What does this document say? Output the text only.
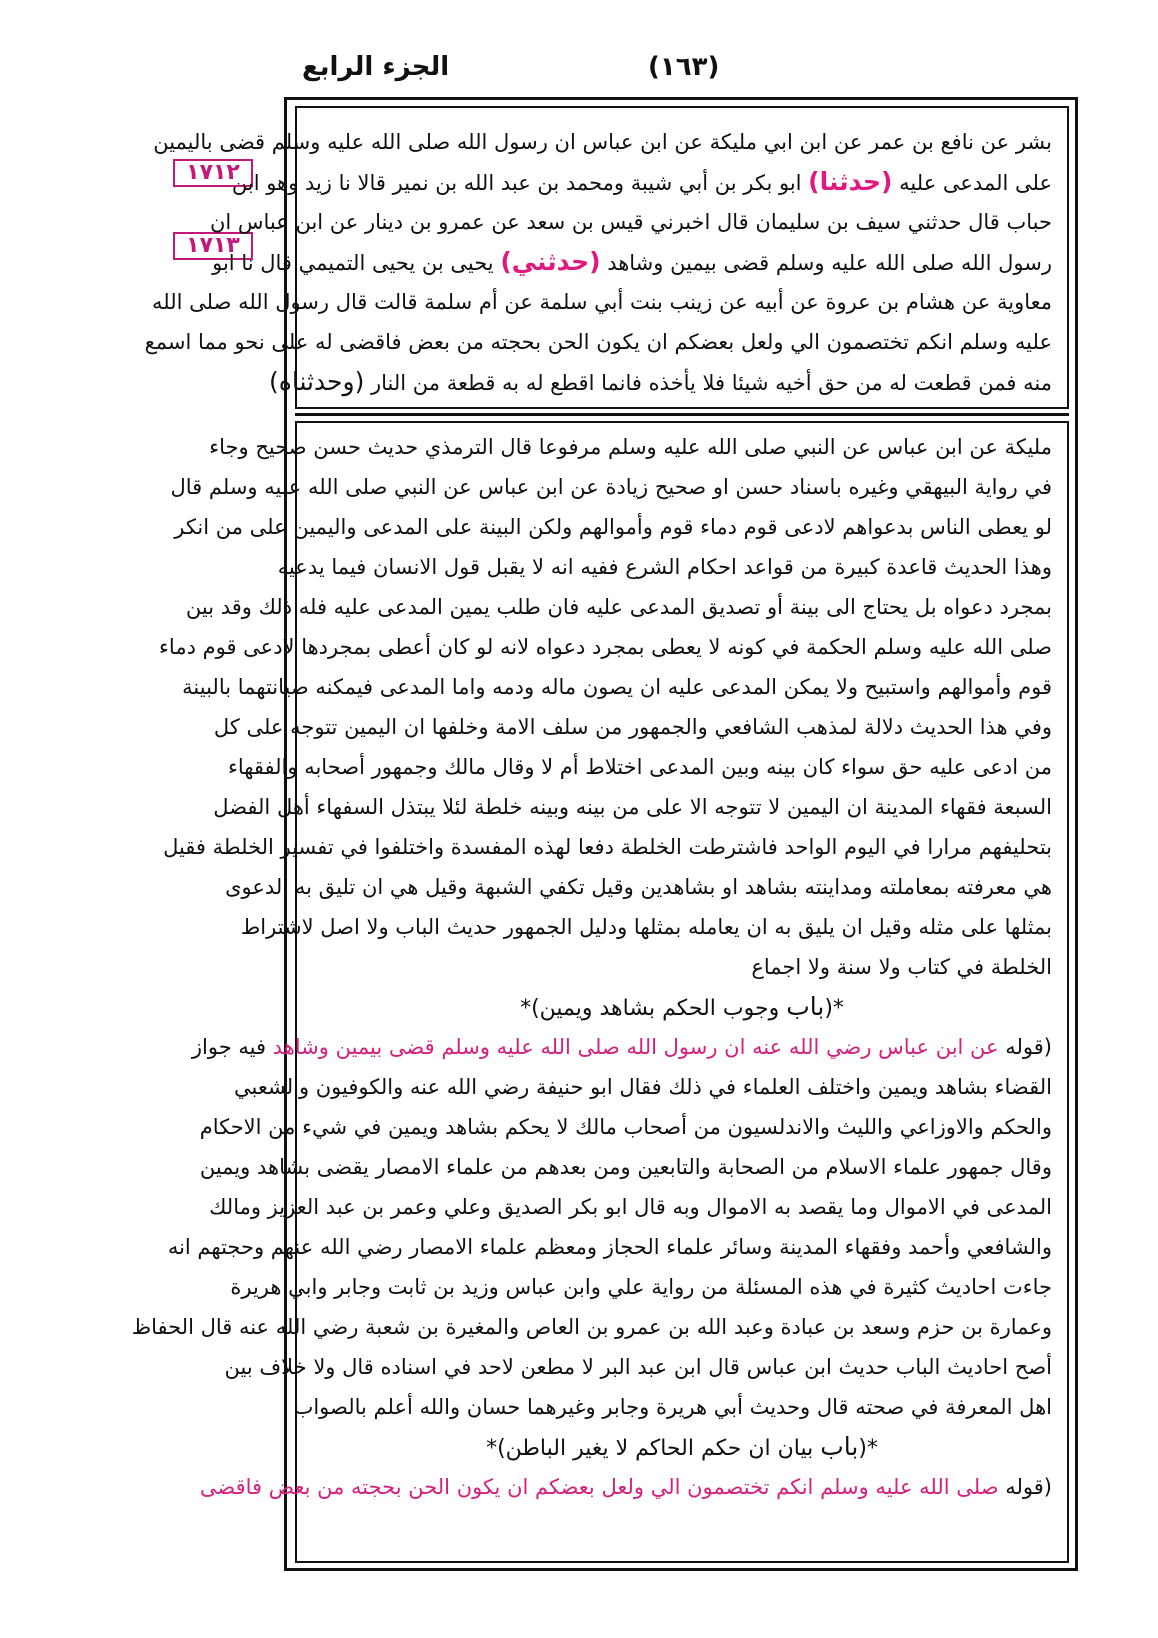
الجزء الرابع	(١٦٣)
١٧١٢
١٧١٣
بشر عن نافع بن عمر عن ابن ابي مليكة عن ابن عباس ان رسول الله صلى الله عليه وسلم قضى باليمين
على المدعى عليه (حدثنا) ابو بكر بن أبي شيبة ومحمد بن عبد الله بن نمير قالا نا زيد وهو ابن
حباب قال حدثني سيف بن سليمان قال اخبرني قيس بن سعد عن عمرو بن دينار عن ابن عباس ان
رسول الله صلى الله عليه وسلم قضى بيمين وشاهد (حدثني) يحيى بن يحيى التميمي قال نا ابو
معاوية عن هشام بن عروة عن أبيه عن زينب بنت أبي سلمة عن أم سلمة قالت قال رسول الله صلى الله
عليه وسلم انكم تختصمون الي ولعل بعضكم ان يكون الحن بحجته من بعض فاقضى له على نحو مما اسمع
منه فمن قطعت له من حق أخيه شيئا فلا يأخذه فانما اقطع له به قطعة من النار (وحدثناه)
مليكة عن ابن عباس عن النبي صلى الله عليه وسلم مرفوعا قال الترمذي حديث حسن صحيح وجاء
في رواية البيهقي وغيره باسناد حسن او صحيح زيادة عن ابن عباس عن النبي صلى الله عليه وسلم قال
لو يعطى الناس بدعواهم لادعى قوم دماء قوم وأموالهم ولكن البينة على المدعى واليمين على من انكر
وهذا الحديث قاعدة كبيرة من قواعد احكام الشرع ففيه انه لا يقبل قول الانسان فيما يدعيه
بمجرد دعواه بل يحتاج الى بينة أو تصديق المدعى عليه فان طلب يمين المدعى عليه فله ذلك وقد بين
صلى الله عليه وسلم الحكمة في كونه لا يعطى بمجرد دعواه لانه لو كان أعطى بمجردها لادعى قوم دماء
قوم وأموالهم واستبيح ولا يمكن المدعى عليه ان يصون ماله ودمه واما المدعى فيمكنه صيانتهما بالبينة
وفي هذا الحديث دلالة لمذهب الشافعي والجمهور من سلف الامة وخلفها ان اليمين تتوجه على كل
من ادعى عليه حق سواء كان بينه وبين المدعى اختلاط أم لا وقال مالك وجمهور أصحابه والفقهاء
السبعة فقهاء المدينة ان اليمين لا تتوجه الا على من بينه وبينه خلطة لئلا يبتذل السفهاء أهل الفضل
بتحليفهم مرارا في اليوم الواحد فاشترطت الخلطة دفعا لهذه المفسدة واختلفوا في تفسير الخلطة فقيل
هي معرفته بمعاملته ومداينته بشاهد او بشاهدين وقيل تكفي الشبهة وقيل هي ان تليق به الدعوى
بمثلها على مثله وقيل ان يليق به ان يعامله بمثلها ودليل الجمهور حديث الباب ولا اصل لاشتراط
الخلطة في كتاب ولا سنة ولا اجماع
*(باب وجوب الحكم بشاهد ويمين)*
(قوله عن ابن عباس رضي الله عنه ان رسول الله صلى الله عليه وسلم قضى بيمين وشاهد فيه جواز
القضاء بشاهد ويمين واختلف العلماء في ذلك فقال ابو حنيفة رضي الله عنه والكوفيون والشعبي
والحكم والاوزاعي والليث والاندلسيون من أصحاب مالك لا يحكم بشاهد ويمين في شيء من الاحكام
وقال جمهور علماء الاسلام من الصحابة والتابعين ومن بعدهم من علماء الامصار يقضى بشاهد ويمين
المدعى في الاموال وما يقصد به الاموال وبه قال ابو بكر الصديق وعلي وعمر بن عبد العزيز ومالك
والشافعي وأحمد وفقهاء المدينة وسائر علماء الحجاز ومعظم علماء الامصار رضي الله عنهم وحجتهم انه
جاءت احاديث كثيرة في هذه المسئلة من رواية علي وابن عباس وزيد بن ثابت وجابر وابي هريرة
وعمارة بن حزم وسعد بن عبادة وعبد الله بن عمرو بن العاص والمغيرة بن شعبة رضي الله عنه قال الحفاظ
أصح احاديث الباب حديث ابن عباس قال ابن عبد البر لا مطعن لاحد في اسناده قال ولا خلاف بين
اهل المعرفة في صحته قال وحديث أبي هريرة وجابر وغيرهما حسان والله أعلم بالصواب
*(باب بيان ان حكم الحاكم لا يغير الباطن)*
(قوله صلى الله عليه وسلم انكم تختصمون الي ولعل بعضكم ان يكون الحن بحجته من بعض فاقضى
